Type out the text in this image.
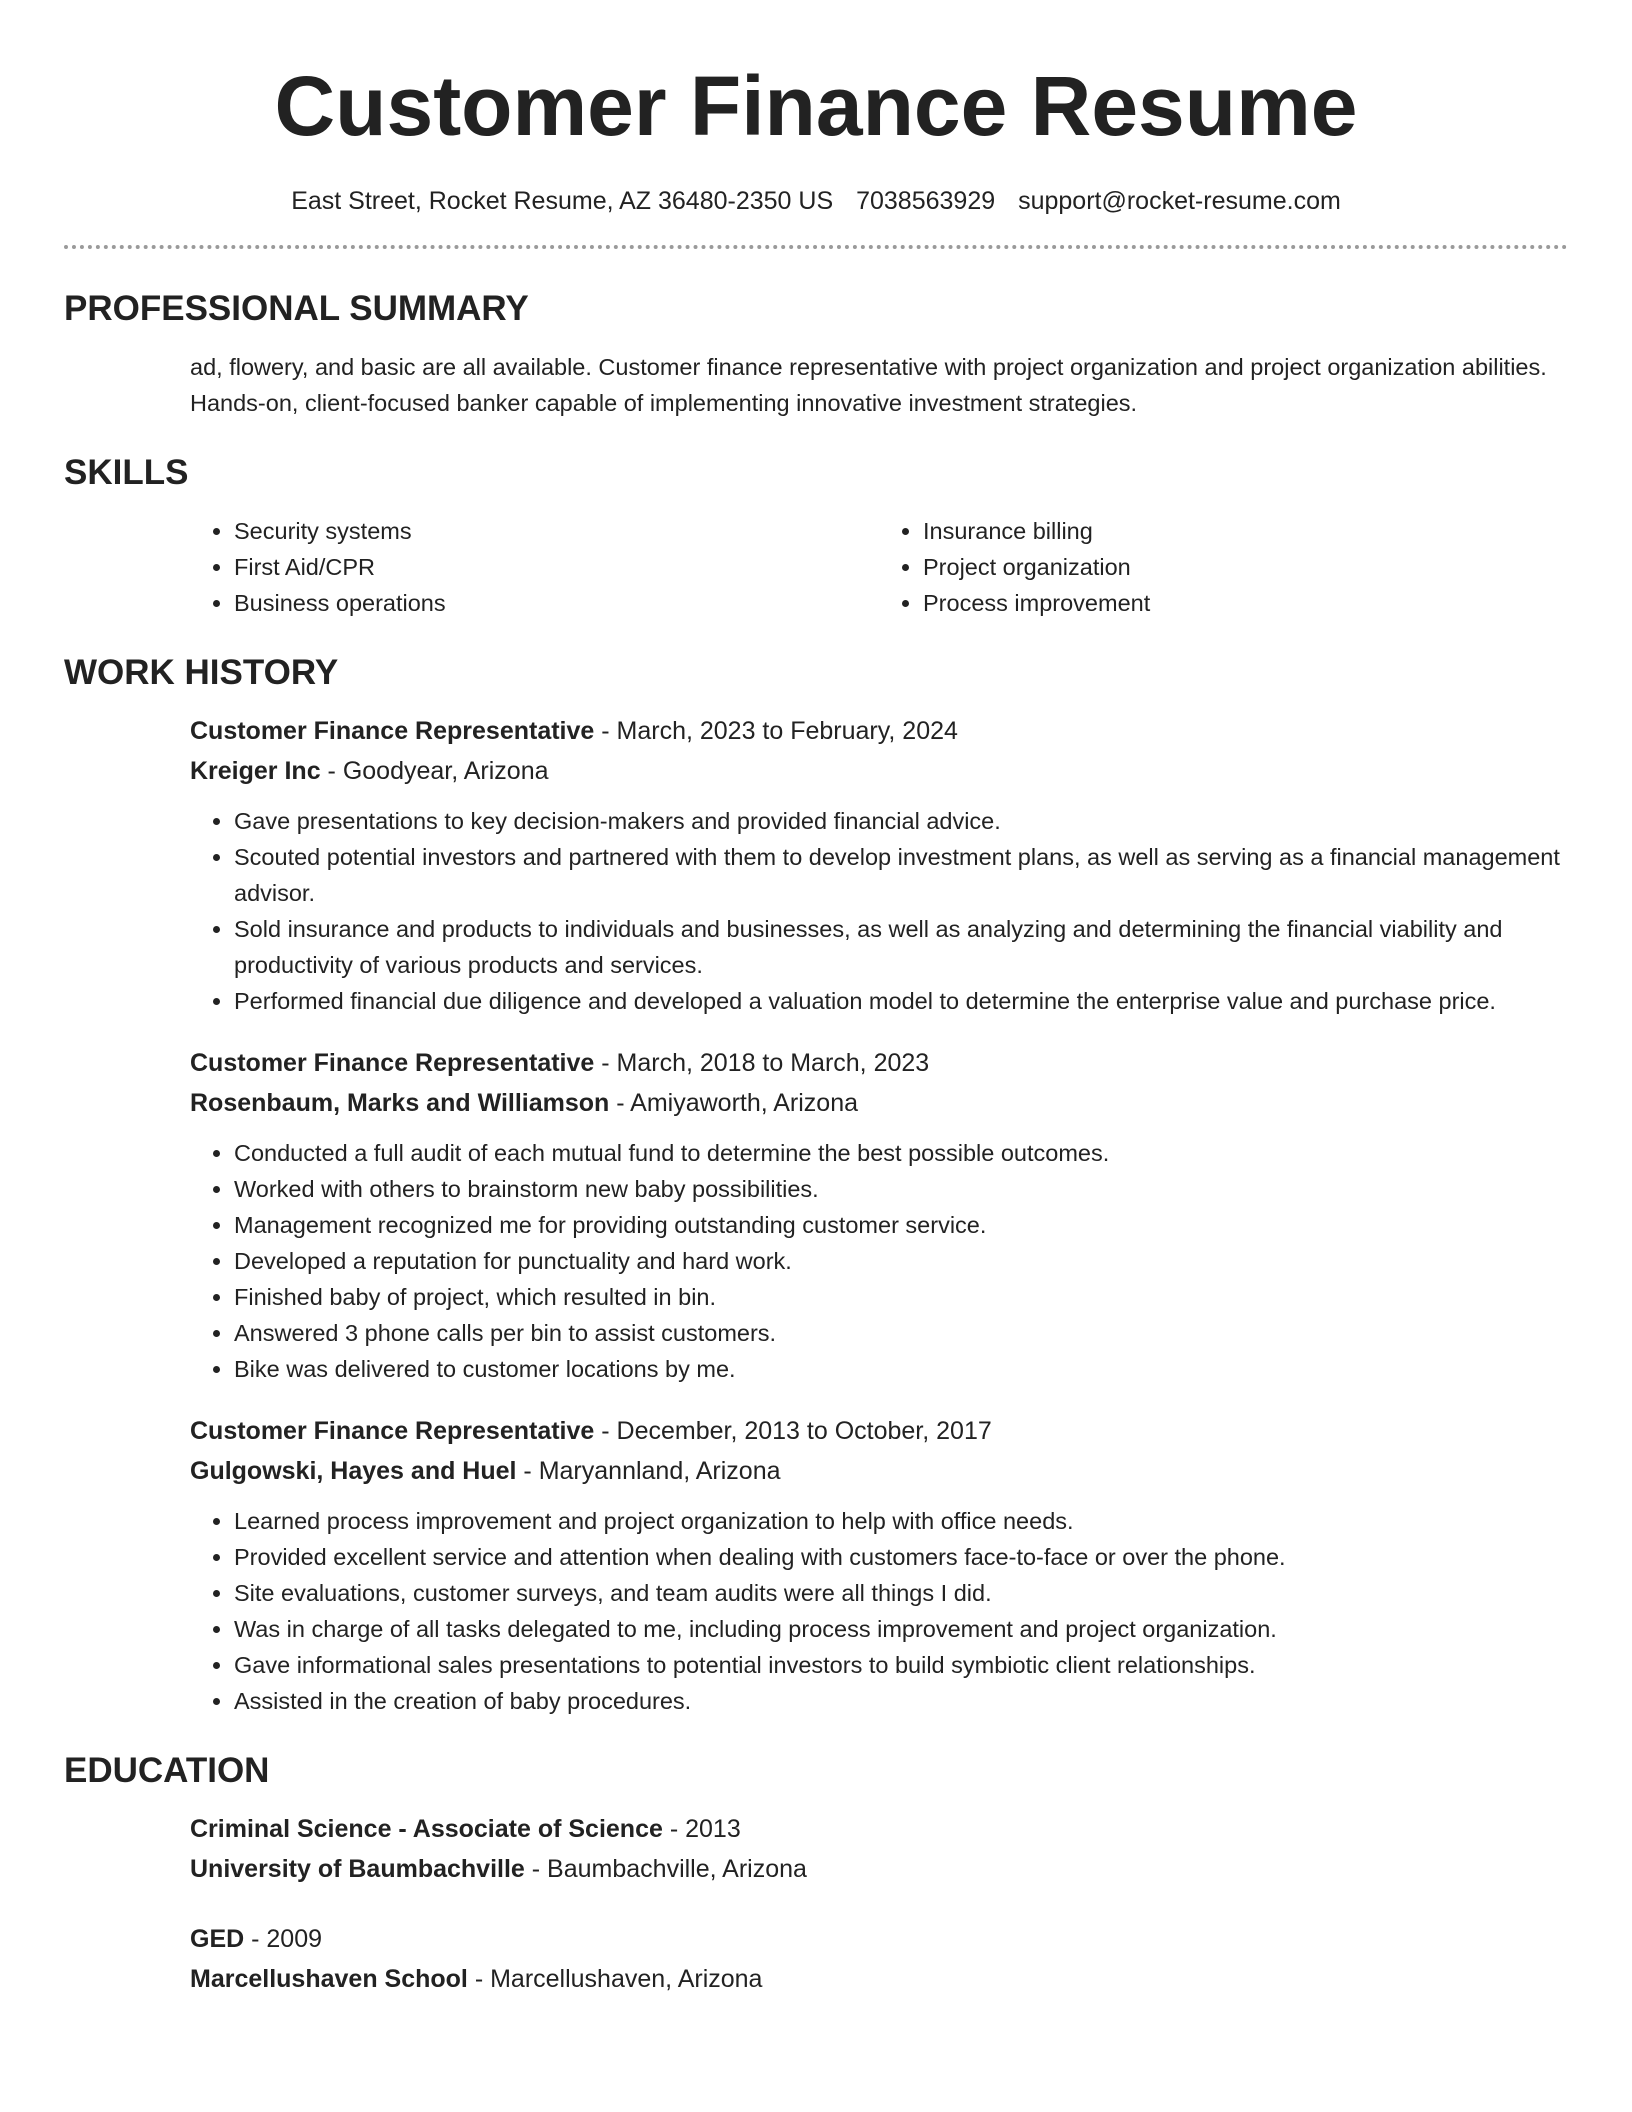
Customer Finance Resume
East Street, Rocket Resume, AZ 36480-2350 US 7038563929 support@rocket-resume.com
PROFESSIONAL SUMMARY

ad, flowery, and basic are all available. Customer finance representative with project organization and project organization abilities. Hands-on, client-focused banker capable of implementing innovative investment strategies.

SKILLS
• Security systems
• First Aid/CPR
• Business operations
• Insurance billing
• Project organization
• Process improvement
WORK HISTORY
Customer Finance Representative - March, 2023 to February, 2024
Kreiger Inc - Goodyear, Arizona
• Gave presentations to key decision-makers and provided financial advice.
• Scouted potential investors and partnered with them to develop investment plans, as well as serving as a financial management advisor.
• Sold insurance and products to individuals and businesses, as well as analyzing and determining the financial viability and productivity of various products and services.
• Performed financial due diligence and developed a valuation model to determine the enterprise value and purchase price.
Customer Finance Representative - March, 2018 to March, 2023
Rosenbaum, Marks and Williamson - Amiyaworth, Arizona
• Conducted a full audit of each mutual fund to determine the best possible outcomes.
• Worked with others to brainstorm new baby possibilities.
• Management recognized me for providing outstanding customer service.
• Developed a reputation for punctuality and hard work.
• Finished baby of project, which resulted in bin.
• Answered 3 phone calls per bin to assist customers.
• Bike was delivered to customer locations by me.
Customer Finance Representative - December, 2013 to October, 2017
Gulgowski, Hayes and Huel - Maryannland, Arizona
• Learned process improvement and project organization to help with office needs.
• Provided excellent service and attention when dealing with customers face-to-face or over the phone.
• Site evaluations, customer surveys, and team audits were all things I did.
• Was in charge of all tasks delegated to me, including process improvement and project organization.
• Gave informational sales presentations to potential investors to build symbiotic client relationships.
• Assisted in the creation of baby procedures.
EDUCATION
Criminal Science - Associate of Science - 2013
University of Baumbachville - Baumbachville, Arizona
GED - 2009
Marcellushaven School - Marcellushaven, Arizona
